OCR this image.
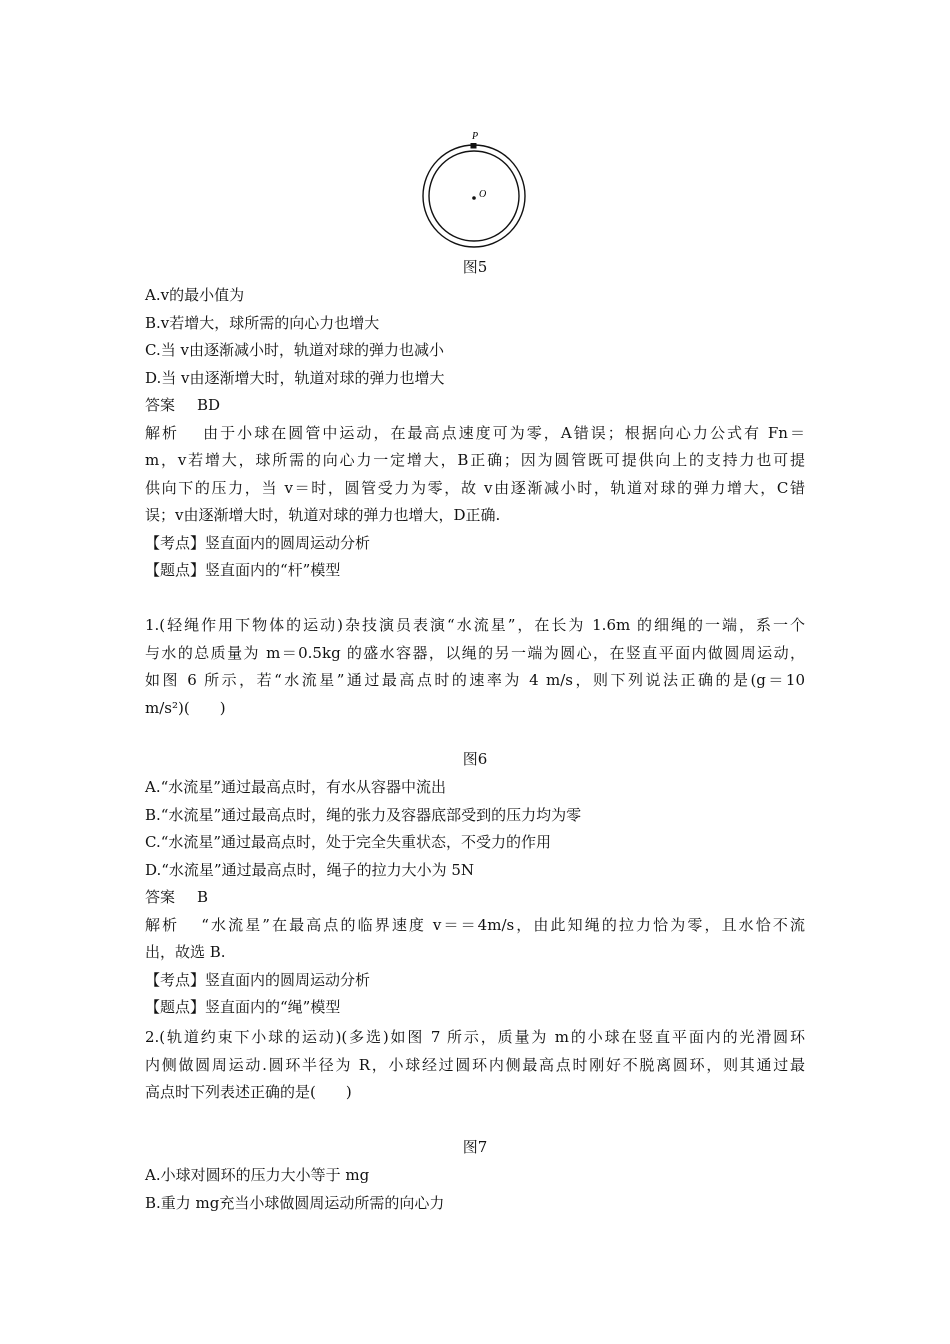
P
O
图5
A.v的最小值为
B.v若增大，球所需的向心力也增大
C.当 v由逐渐减小时，轨道对球的弹力也减小
D.当 v由逐渐增大时，轨道对球的弹力也增大
答案 BD
解析 由于小球在圆管中运动，在最高点速度可为零，A错误；根据向心力公式有 Fn＝
m，v若增大，球所需的向心力一定增大，B正确；因为圆管既可提供向上的支持力也可提
供向下的压力，当 v＝时，圆管受力为零，故 v由逐渐减小时，轨道对球的弹力增大，C错
误；v由逐渐增大时，轨道对球的弹力也增大，D正确.
【考点】竖直面内的圆周运动分析
【题点】竖直面内的“杆”模型
1.(轻绳作用下物体的运动)杂技演员表演“水流星”，在长为 1.6m 的细绳的一端，系一个
与水的总质量为 m＝0.5kg 的盛水容器，以绳的另一端为圆心，在竖直平面内做圆周运动，
如图 6 所示，若“水流星”通过最高点时的速率为 4 m/s，则下列说法正确的是(g＝10
m/s²)(　　)
图6
A.“水流星”通过最高点时，有水从容器中流出
B.“水流星”通过最高点时，绳的张力及容器底部受到的压力均为零
C.“水流星”通过最高点时，处于完全失重状态，不受力的作用
D.“水流星”通过最高点时，绳子的拉力大小为 5N
答案 B
解析 “水流星”在最高点的临界速度 v＝＝4m/s，由此知绳的拉力恰为零，且水恰不流
出，故选 B.
【考点】竖直面内的圆周运动分析
【题点】竖直面内的“绳”模型
2.(轨道约束下小球的运动)(多选)如图 7 所示，质量为 m的小球在竖直平面内的光滑圆环
内侧做圆周运动.圆环半径为 R，小球经过圆环内侧最高点时刚好不脱离圆环，则其通过最
高点时下列表述正确的是(　　)
图7
A.小球对圆环的压力大小等于 mg
B.重力 mg充当小球做圆周运动所需的向心力
